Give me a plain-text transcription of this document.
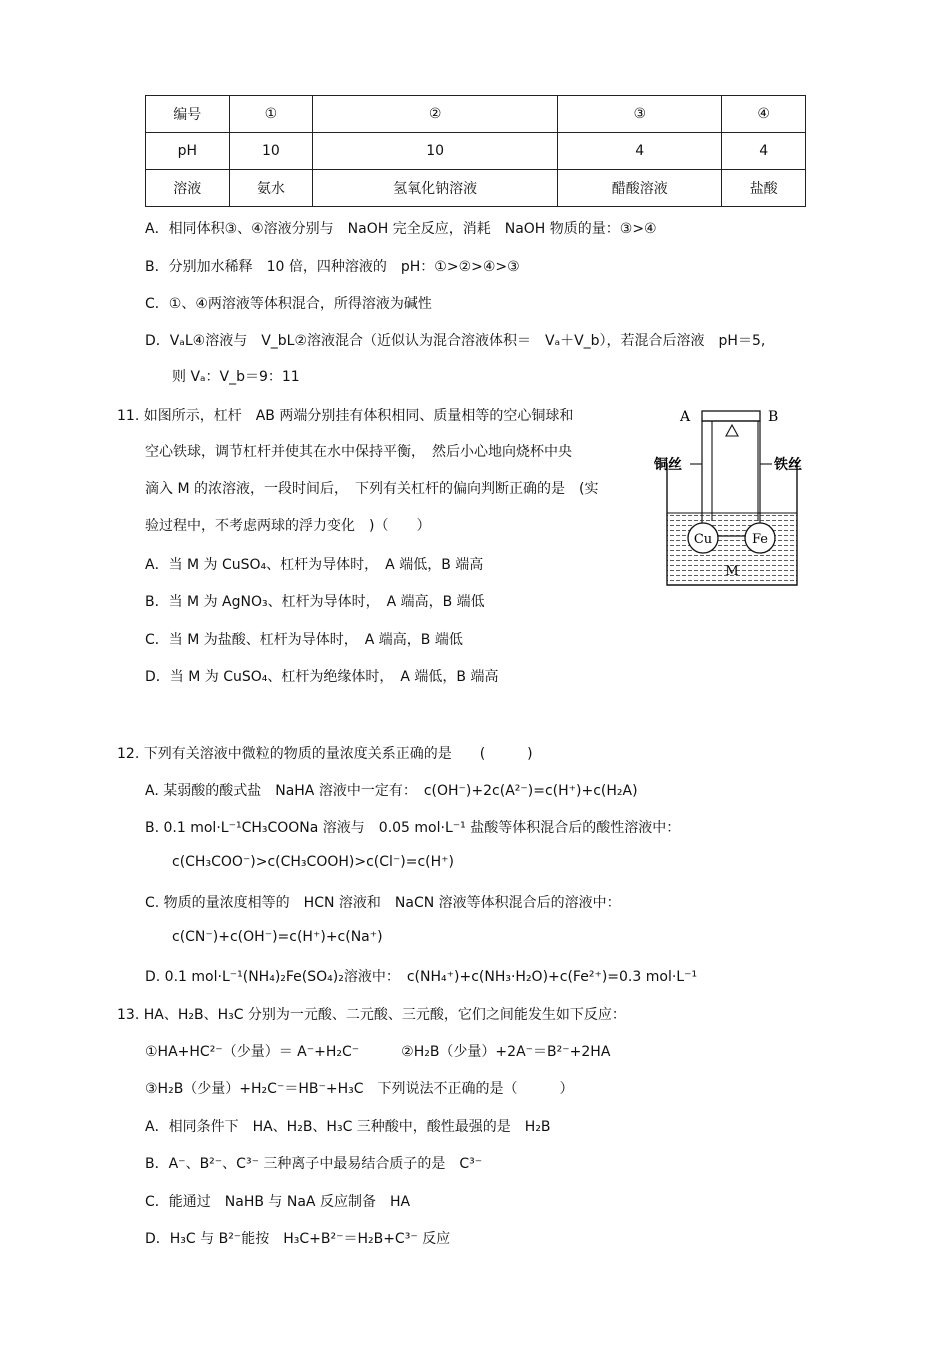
编号	①	②	③	④
pH	10	10	4	4
溶液	氨水	氢氧化钠溶液	醋酸溶液	盐酸
A．相同体积③、④溶液分别与　NaOH 完全反应，消耗　NaOH 物质的量：③>④
B．分别加水稀释　10 倍，四种溶液的　pH：①>②>④>③
C．①、④两溶液等体积混合，所得溶液为碱性
D．VₐL④溶液与　V_bL②溶液混合（近似认为混合溶液体积＝　Vₐ＋V_b），若混合后溶液　pH＝5,
则 Vₐ：V_b＝9：11
11. 如图所示，杠杆　AB 两端分别挂有体积相同、质量相等的空心铜球和
空心铁球，调节杠杆并使其在水中保持平衡，　然后小心地向烧杯中央
滴入 M 的浓溶液，一段时间后，　下列有关杠杆的偏向判断正确的是　(实
验过程中，不考虑两球的浮力变化　)（　　）
A．当 M 为 CuSO₄、杠杆为导体时，　A 端低，B 端高
B．当 M 为 AgNO₃、杠杆为导体时，　A 端高，B 端低
C．当 M 为盐酸、杠杆为导体时，　A 端高，B 端低
D．当 M 为 CuSO₄、杠杆为绝缘体时，　A 端低，B 端高
A	B
Cu	Fe
铜丝	铁丝
M
12. 下列有关溶液中微粒的物质的量浓度关系正确的是　　(　　　)
A. 某弱酸的酸式盐　NaHA 溶液中一定有：　c(OH⁻)+2c(A²⁻)=c(H⁺)+c(H₂A)
B. 0.1 mol·L⁻¹CH₃COONa 溶液与　0.05 mol·L⁻¹ 盐酸等体积混合后的酸性溶液中：
c(CH₃COO⁻)>c(CH₃COOH)>c(Cl⁻)=c(H⁺)
C. 物质的量浓度相等的　HCN 溶液和　NaCN 溶液等体积混合后的溶液中：
c(CN⁻)+c(OH⁻)=c(H⁺)+c(Na⁺)
D. 0.1 mol·L⁻¹(NH₄)₂Fe(SO₄)₂溶液中：　c(NH₄⁺)+c(NH₃·H₂O)+c(Fe²⁺)=0.3 mol·L⁻¹
13. HA、H₂B、H₃C 分别为一元酸、二元酸、三元酸，它们之间能发生如下反应：
①HA+HC²⁻（少量）＝ A⁻+H₂C⁻　　　②H₂B（少量）+2A⁻＝B²⁻+2HA
③H₂B（少量）+H₂C⁻＝HB⁻+H₃C　下列说法不正确的是（　　　）
A．相同条件下　HA、H₂B、H₃C 三种酸中，酸性最强的是　H₂B
B．A⁻、B²⁻、C³⁻ 三种离子中最易结合质子的是　C³⁻
C．能通过　NaHB 与 NaA 反应制备　HA
D．H₃C 与 B²⁻能按　H₃C+B²⁻＝H₂B+C³⁻ 反应
